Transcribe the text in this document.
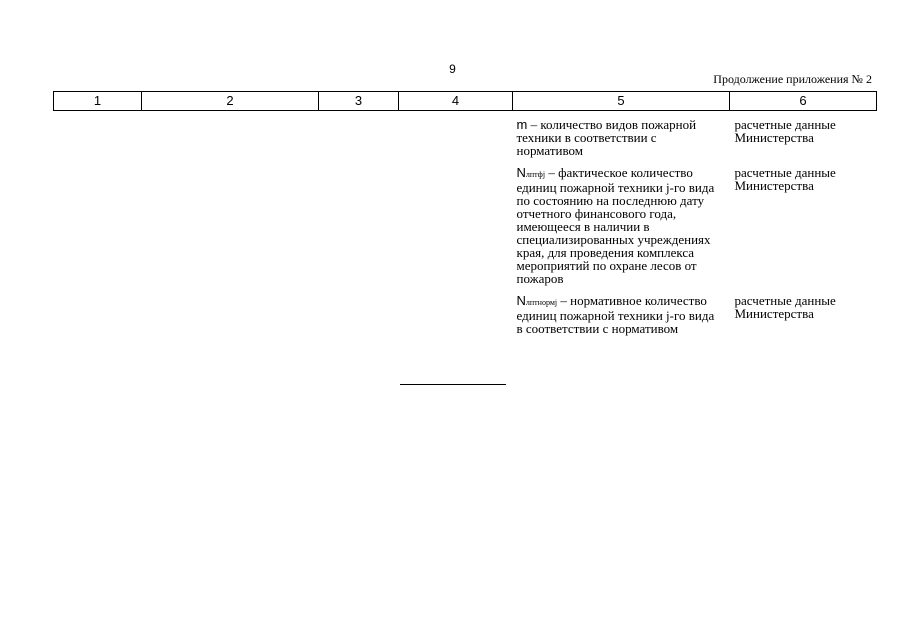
9
Продолжение приложения № 2
1	2	3	4	5	6
				m – количество видов пожарной техники в соответствии с нормативом	расчетные данные Министерства
				Nлптфj – фактическое количество единиц пожарной техники j-го вида по состоянию на последнюю дату отчетного финансового года, имеющееся в наличии в специализированных учреждениях края, для проведения комплекса мероприятий по охране лесов от пожаров	расчетные данные Министерства
				Nлптнормj – нормативное количество единиц пожарной техники j-го вида в соответствии с нормативом	расчетные данные Министерства
